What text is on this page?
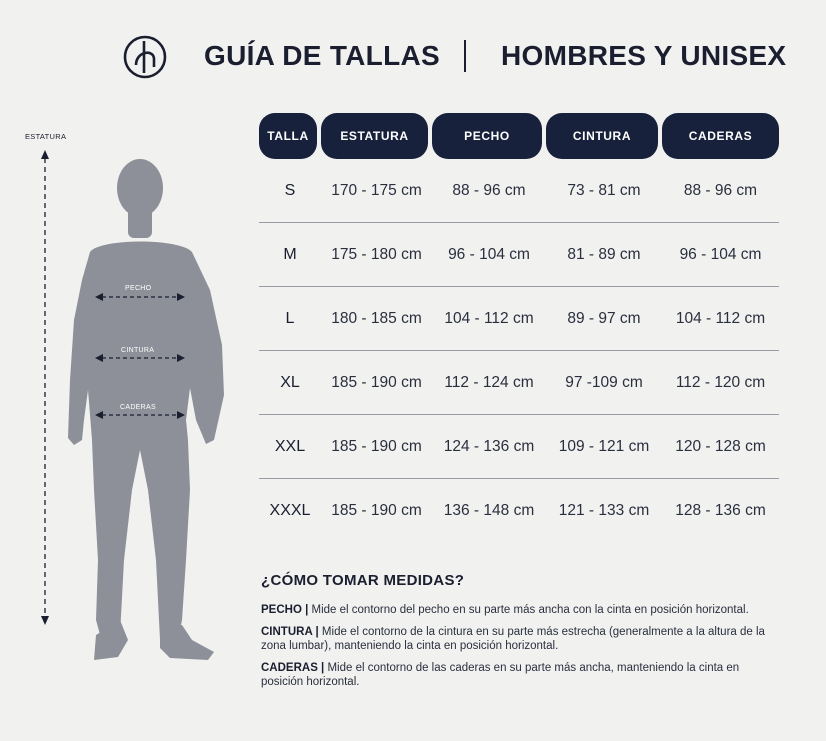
GUÍA DE TALLAS HOMBRES Y UNISEX
ESTATURA
PECHO
CINTURA
CADERAS
TALLA	ESTATURA	PECHO	CINTURA	CADERAS

S	170 - 175 cm	88 - 96 cm	73 - 81 cm	88 - 96 cm
M	175 - 180 cm	96 - 104 cm	81 - 89 cm	96 - 104 cm
L	180 - 185 cm	104 - 112 cm	89 - 97 cm	104 - 112 cm
XL	185 - 190 cm	112 - 124 cm	97 -109 cm	112 - 120 cm
XXL	185 - 190 cm	124 - 136 cm	109 - 121 cm	120 - 128 cm
XXXL	185 - 190 cm	136 - 148 cm	121 - 133 cm	128 - 136 cm
¿CÓMO TOMAR MEDIDAS?

PECHO | Mide el contorno del pecho en su parte más ancha con la cinta en posición horizontal.

CINTURA | Mide el contorno de la cintura en su parte más estrecha (generalmente a la altura de la zona lumbar), manteniendo la cinta en posición horizontal.

CADERAS | Mide el contorno de las caderas en su parte más ancha, manteniendo la cinta en posición horizontal.
